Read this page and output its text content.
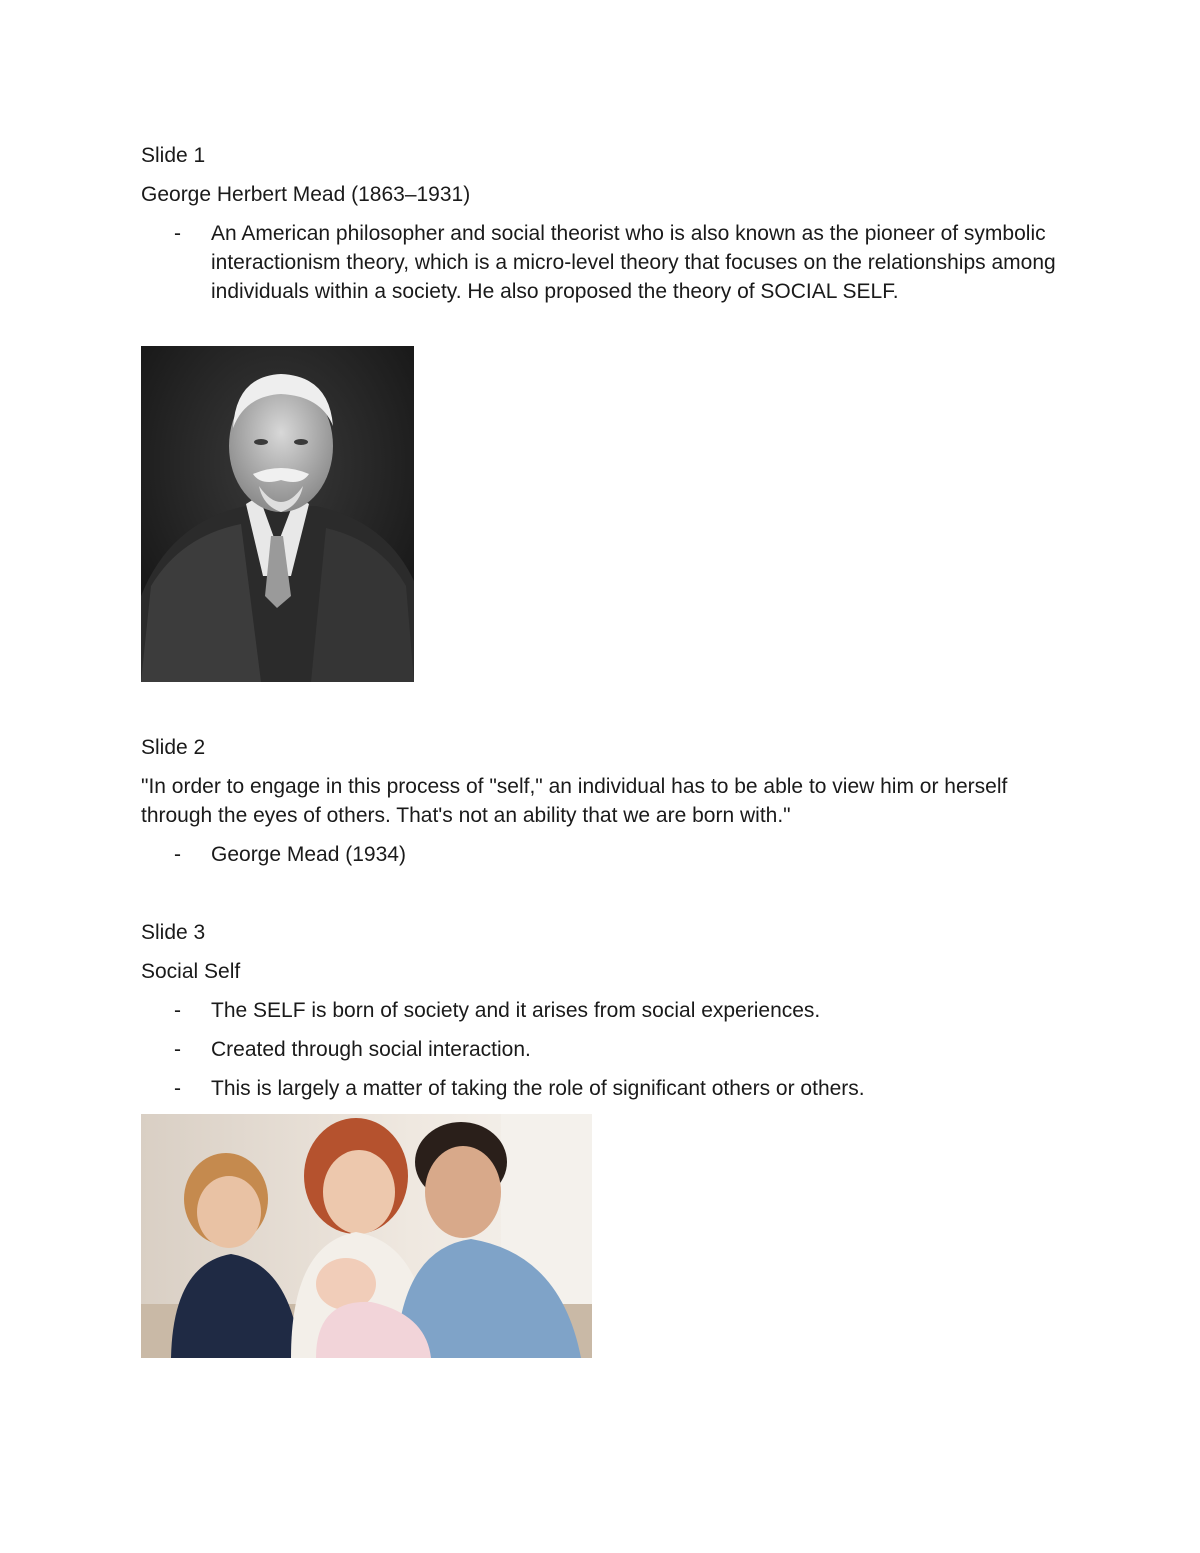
Slide 1

George Herbert Mead (1863–1931)

- An American philosopher and social theorist who is also known as the pioneer of symbolic interactionism theory, which is a micro-level theory that focuses on the relationships among individuals within a society. He also proposed the theory of SOCIAL SELF.

Slide 2

"In order to engage in this process of "self," an individual has to be able to view him or herself through the eyes of others. That's not an ability that we are born with."

- George Mead (1934)

Slide 3

Social Self

- The SELF is born of society and it arises from social experiences.
- Created through social interaction.
- This is largely a matter of taking the role of significant others or others.
